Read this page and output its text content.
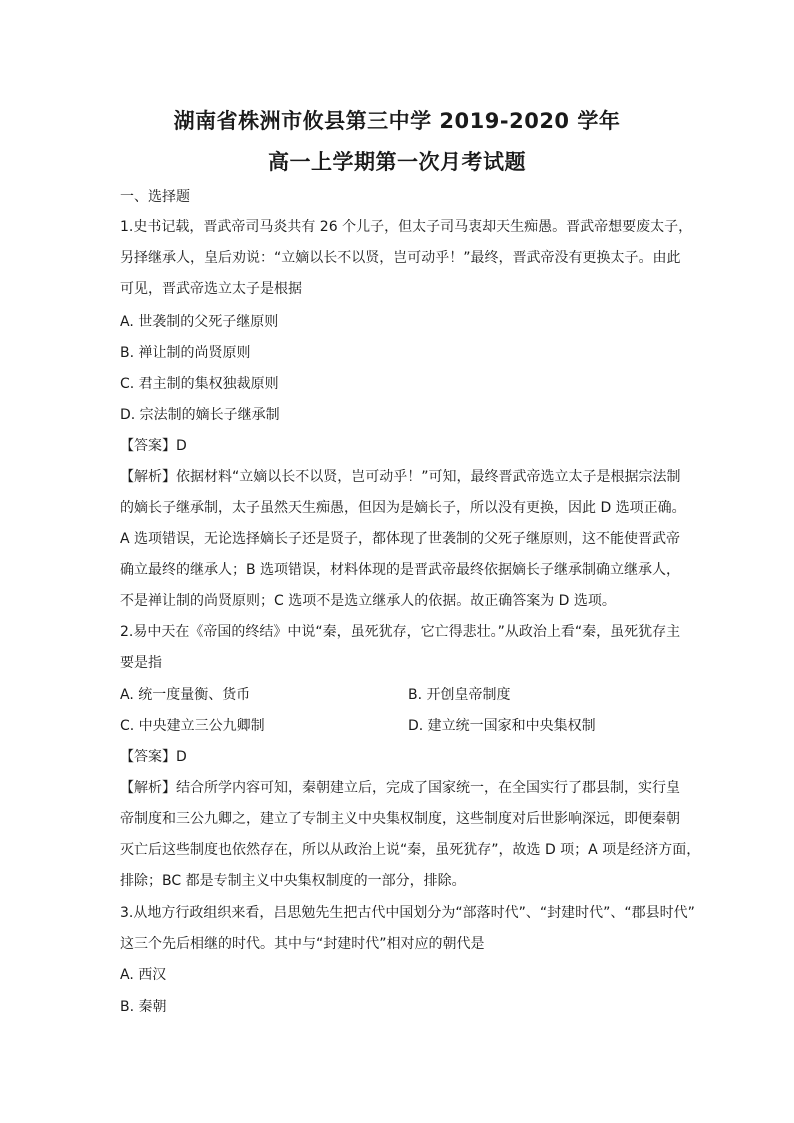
湖南省株洲市攸县第三中学 2019-2020 学年
高一上学期第一次月考试题
一、选择题
1.史书记载，晋武帝司马炎共有 26 个儿子，但太子司马衷却天生痴愚。晋武帝想要废太子，
另择继承人，皇后劝说：“立嫡以长不以贤，岂可动乎！”最终，晋武帝没有更换太子。由此
可见，晋武帝选立太子是根据
A. 世袭制的父死子继原则
B. 禅让制的尚贤原则
C. 君主制的集权独裁原则
D. 宗法制的嫡长子继承制
【答案】D
【解析】依据材料“立嫡以长不以贤，岂可动乎！”可知，最终晋武帝选立太子是根据宗法制
的嫡长子继承制，太子虽然天生痴愚，但因为是嫡长子，所以没有更换，因此 D 选项正确。
A 选项错误，无论选择嫡长子还是贤子，都体现了世袭制的父死子继原则，这不能使晋武帝
确立最终的继承人；B 选项错误，材料体现的是晋武帝最终依据嫡长子继承制确立继承人，
不是禅让制的尚贤原则；C 选项不是选立继承人的依据。故正确答案为 D 选项。
2.易中天在《帝国的终结》中说“秦，虽死犹存，它亡得悲壮。”从政治上看“秦，虽死犹存主
要是指
A. 统一度量衡、货币	B. 开创皇帝制度
C. 中央建立三公九卿制	D. 建立统一国家和中央集权制
【答案】D
【解析】结合所学内容可知，秦朝建立后，完成了国家统一，在全国实行了郡县制，实行皇
帝制度和三公九卿之，建立了专制主义中央集权制度，这些制度对后世影响深远，即便秦朝
灭亡后这些制度也依然存在，所以从政治上说“秦，虽死犹存”，故选 D 项；A 项是经济方面，
排除；BC 都是专制主义中央集权制度的一部分，排除。
3.从地方行政组织来看，吕思勉先生把古代中国划分为“部落时代”、“封建时代”、“郡县时代”
这三个先后相继的时代。其中与“封建时代”相对应的朝代是
A. 西汉
B. 秦朝
